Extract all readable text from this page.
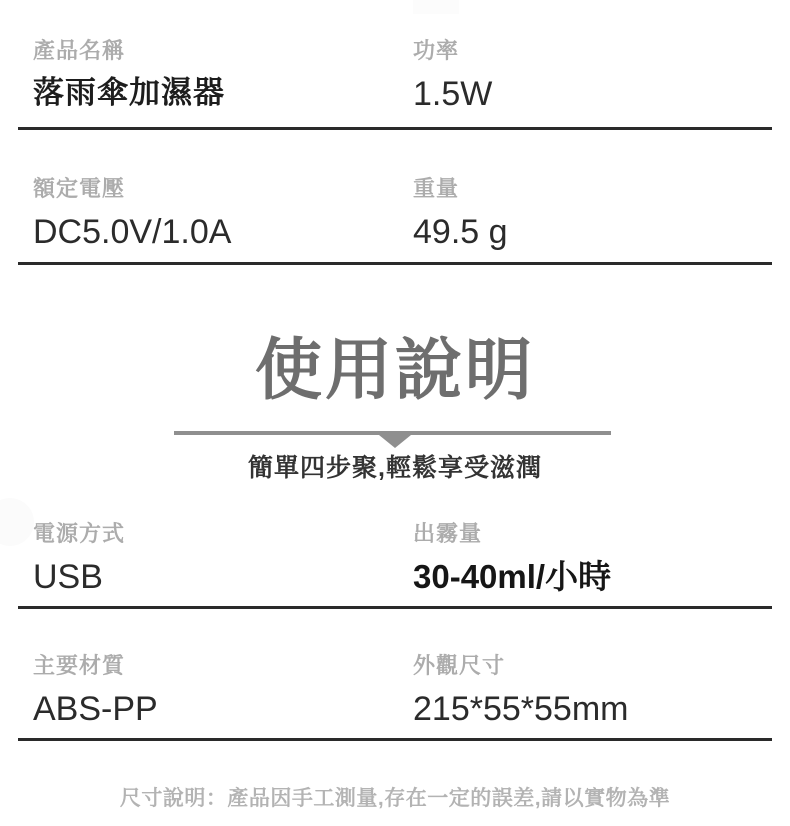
產品名稱
落雨傘加濕器
功率
1.5W
額定電壓
DC5.0V/1.0A
重量
49.5 g
使用說明
簡單四步聚,輕鬆享受滋潤
電源方式
USB
出霧量
30-40ml/小時
主要材質
ABS-PP
外觀尺寸
215*55*55mm
尺寸說明：產品因手工測量,存在一定的誤差,請以實物為準
